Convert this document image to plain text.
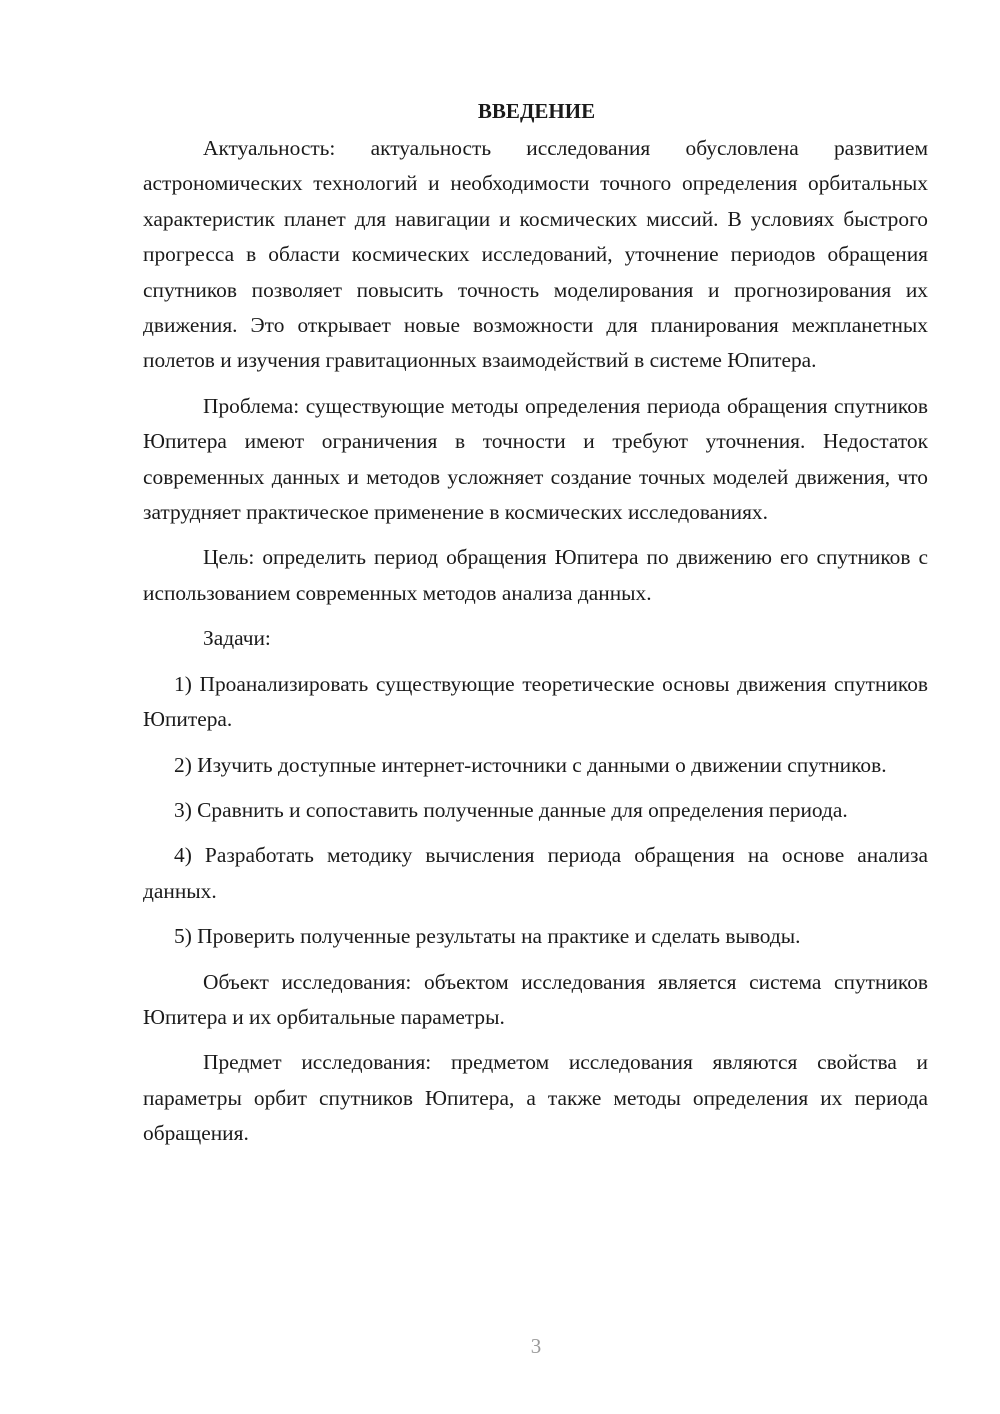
ВВЕДЕНИЕ

Актуальность: актуальность исследования обусловлена развитием астрономических технологий и необходимости точного определения орбитальных характеристик планет для навигации и космических миссий. В условиях быстрого прогресса в области космических исследований, уточнение периодов обращения спутников позволяет повысить точность моделирования и прогнозирования их движения. Это открывает новые возможности для планирования межпланетных полетов и изучения гравитационных взаимодействий в системе Юпитера.

Проблема: существующие методы определения периода обращения спутников Юпитера имеют ограничения в точности и требуют уточнения. Недостаток современных данных и методов усложняет создание точных моделей движения, что затрудняет практическое применение в космических исследованиях.

Цель: определить период обращения Юпитера по движению его спутников с использованием современных методов анализа данных.

Задачи:

1) Проанализировать существующие теоретические основы движения спутников Юпитера.

2) Изучить доступные интернет-источники с данными о движении спутников.

3) Сравнить и сопоставить полученные данные для определения периода.

4) Разработать методику вычисления периода обращения на основе анализа данных.

5) Проверить полученные результаты на практике и сделать выводы.

Объект исследования: объектом исследования является система спутников Юпитера и их орбитальные параметры.

Предмет исследования: предметом исследования являются свойства и параметры орбит спутников Юпитера, а также методы определения их периода обращения.

3
